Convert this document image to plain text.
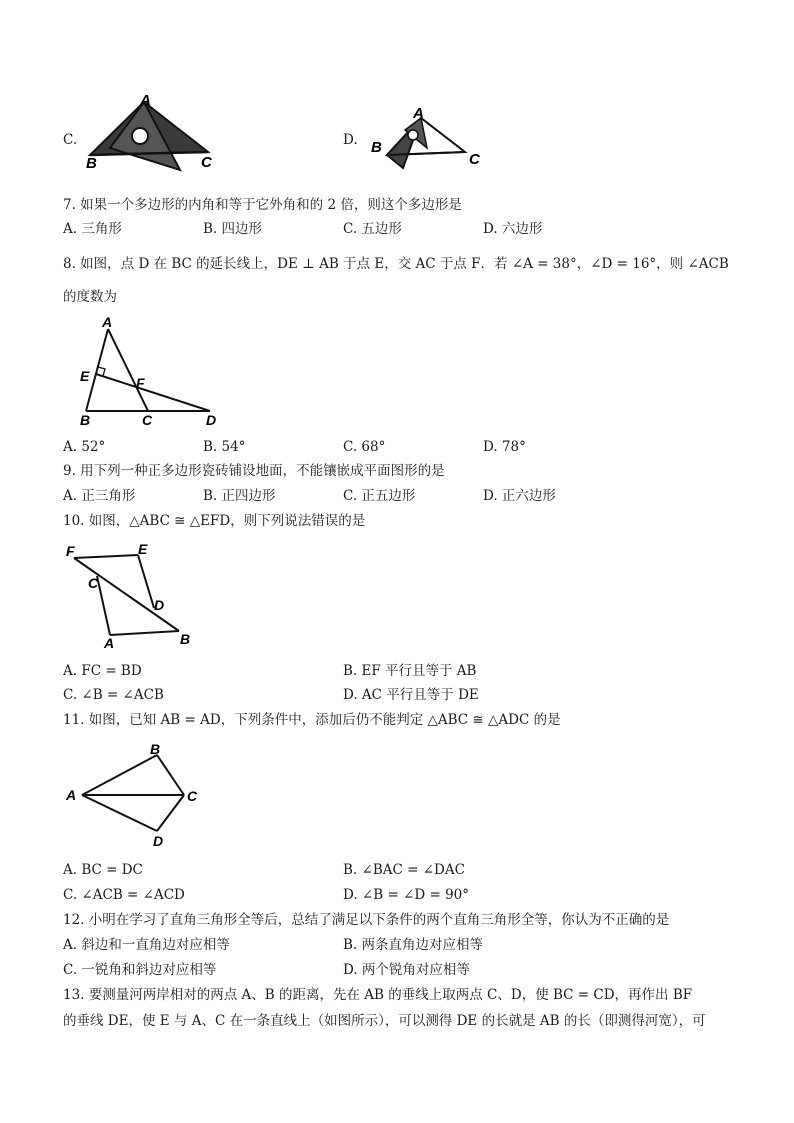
C.
A
B	C
D.
A
B
C
7. 如果一个多边形的内角和等于它外角和的 2 倍，则这个多边形是
A. 三角形	B. 四边形	C. 五边形	D. 六边形
8. 如图，点 D 在 BC 的延长线上，DE ⊥ AB 于点 E，交 AC 于点 F．若 ∠A = 38°，∠D = 16°，则 ∠ACB
的度数为
A
B	C	D
E	F
A. 52°	B. 54°	C. 68°	D. 78°
9. 用下列一种正多边形瓷砖铺设地面，不能镶嵌成平面图形的是
A. 正三角形	B. 正四边形	C. 正五边形	D. 正六边形
10. 如图，△ABC ≅ △EFD，则下列说法错误的是
F	E
C
D
A	B
A. FC = BD	B. EF 平行且等于 AB
C. ∠B = ∠ACB	D. AC 平行且等于 DE
11. 如图，已知 AB = AD，下列条件中，添加后仍不能判定 △ABC ≅ △ADC 的是
B
A	C
D
A. BC = DC	B. ∠BAC = ∠DAC
C. ∠ACB = ∠ACD	D. ∠B = ∠D = 90°
12. 小明在学习了直角三角形全等后，总结了满足以下条件的两个直角三角形全等，你认为不正确的是
A. 斜边和一直角边对应相等	B. 两条直角边对应相等
C. 一锐角和斜边对应相等	D. 两个锐角对应相等
13. 要测量河两岸相对的两点 A、B 的距离，先在 AB 的垂线上取两点 C、D，使 BC = CD，再作出 BF
的垂线 DE，使 E 与 A、C 在一条直线上（如图所示），可以测得 DE 的长就是 AB 的长（即测得河宽），可
